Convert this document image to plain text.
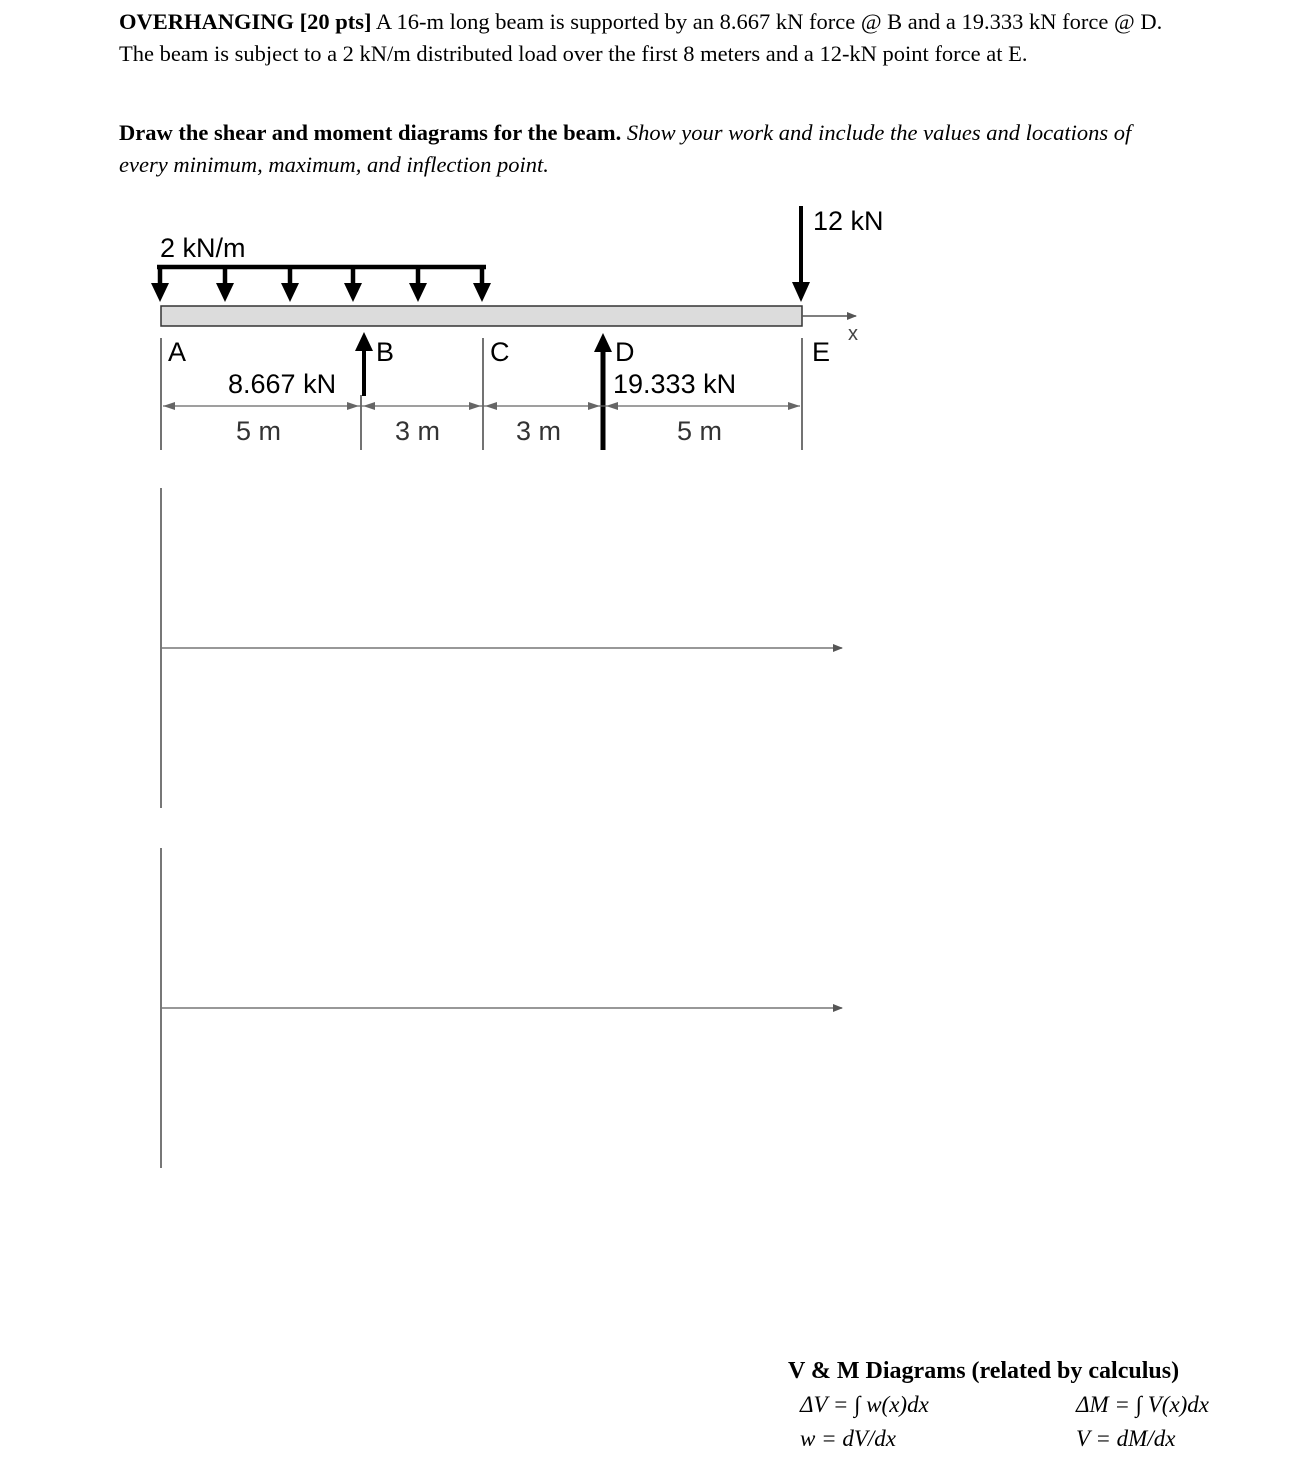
OVERHANGING [20 pts] A 16-m long beam is supported by an 8.667 kN force @ B and a 19.333 kN force @ D. The beam is subject to a 2 kN/m distributed load over the first 8 meters and a 12-kN point force at E.
Draw the shear and moment diagrams for the beam. Show your work and include the values and locations of every minimum, maximum, and inflection point.
2 kN/m
12 kN
x
A	B	C	D	E
8.667 kN	19.333 kN
5 m	3 m	3 m	5 m
V & M Diagrams (related by calculus)
ΔV = ∫ w(x)dx	ΔM = ∫ V(x)dx
w = dV/dx	V = dM/dx
